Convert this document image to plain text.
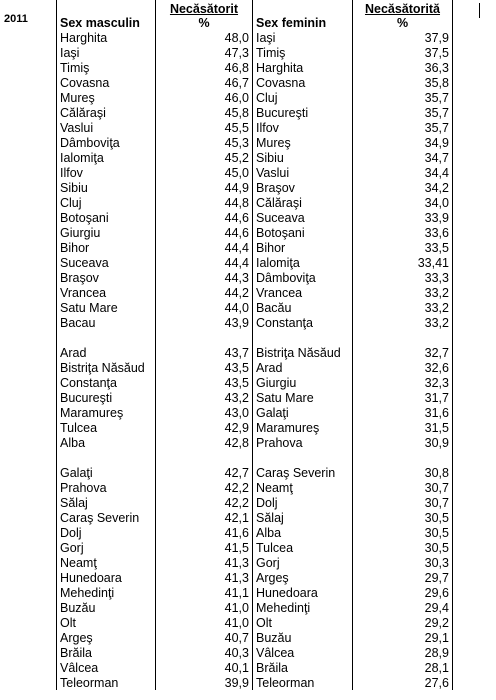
2011	Sex masculin	Necăsătorit
%	Sex feminin	Necăsătorită
%

Harghita	48,0	Iaşi	37,9
Iaşi	47,3	Timiş	37,5
Timiş	46,8	Harghita	36,3
Covasna	46,7	Covasna	35,8
Mureş	46,0	Cluj	35,7
Călăraşi	45,8	Bucureşti	35,7
Vaslui	45,5	Ilfov	35,7
Dâmboviţa	45,3	Mureş	34,9
Ialomiţa	45,2	Sibiu	34,7
Ilfov	45,0	Vaslui	34,4
Sibiu	44,9	Braşov	34,2
Cluj	44,8	Călăraşi	34,0
Botoşani	44,6	Suceava	33,9
Giurgiu	44,6	Botoşani	33,6
Bihor	44,4	Bihor	33,5
Suceava	44,4	Ialomiţa	33,41
Braşov	44,3	Dâmboviţa	33,3
Vrancea	44,2	Vrancea	33,2
Satu Mare	44,0	Bacău	33,2
Bacau	43,9	Constanţa	33,2
Arad	43,7	Bistriţa Năsăud	32,7
Bistriţa Năsăud	43,5	Arad	32,6
Constanţa	43,5	Giurgiu	32,3
Bucureşti	43,2	Satu Mare	31,7
Maramureş	43,0	Galaţi	31,6
Tulcea	42,9	Maramureş	31,5
Alba	42,8	Prahova	30,9
Galaţi	42,7	Caraş Severin	30,8
Prahova	42,2	Neamţ	30,7
Sălaj	42,2	Dolj	30,7
Caraş Severin	42,1	Sălaj	30,5
Dolj	41,6	Alba	30,5
Gorj	41,5	Tulcea	30,5
Neamţ	41,3	Gorj	30,3
Hunedoara	41,3	Argeş	29,7
Mehedinţi	41,1	Hunedoara	29,6
Buzău	41,0	Mehedinţi	29,4
Olt	41,0	Olt	29,2
Argeş	40,7	Buzău	29,1
Brăila	40,3	Vâlcea	28,9
Vâlcea	40,1	Brăila	28,1
Teleorman	39,9	Teleorman	27,6
